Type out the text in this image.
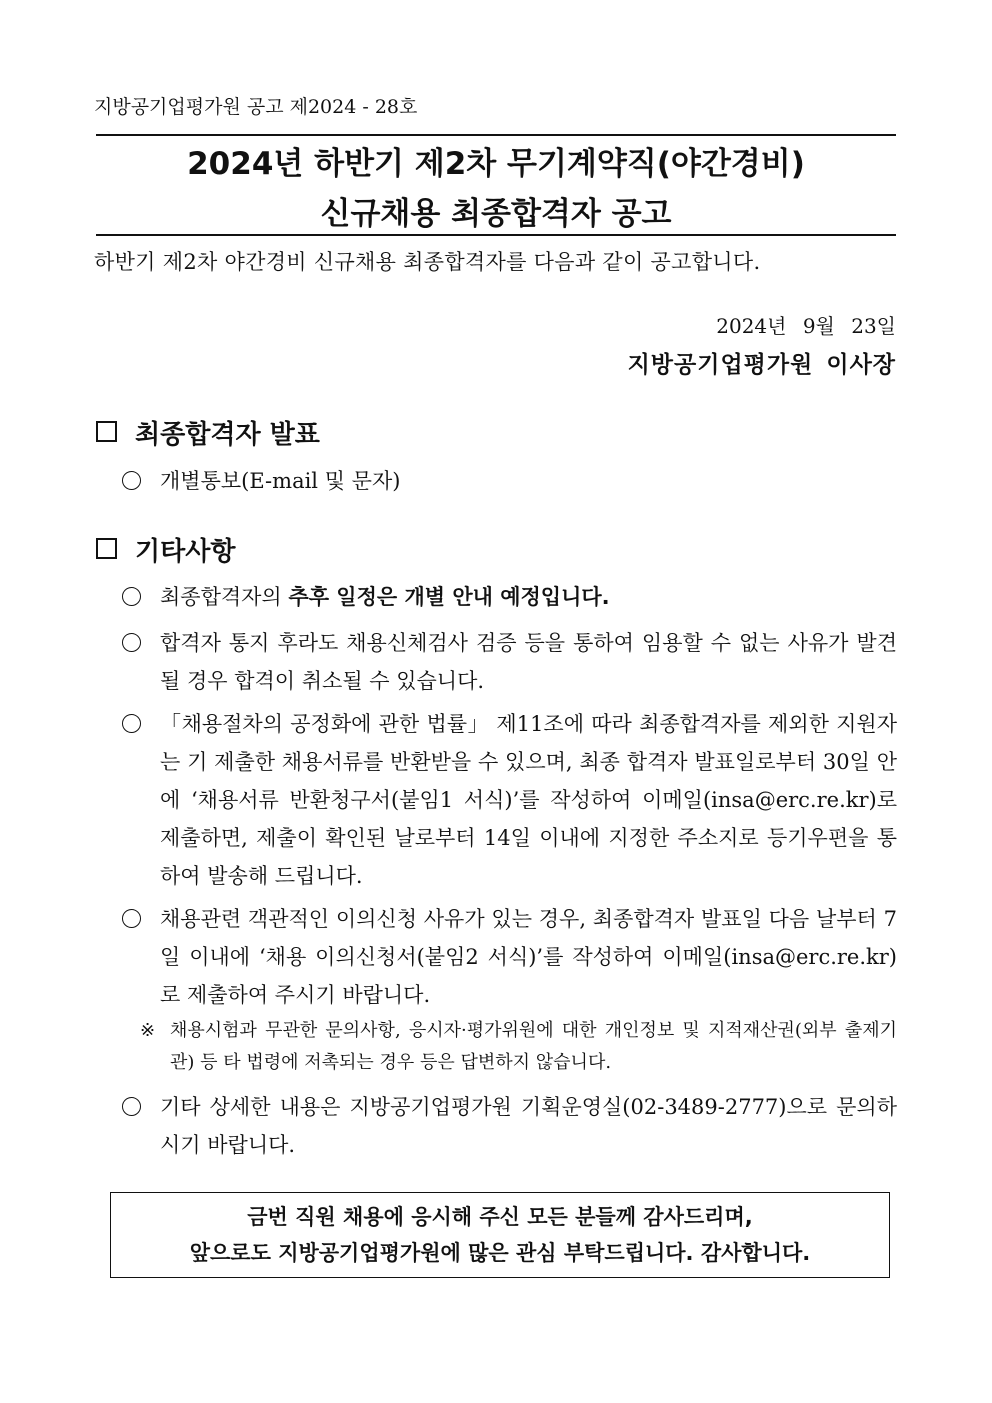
지방공기업평가원 공고 제2024 - 28호
2024년 하반기 제2차 무기계약직(야간경비)
신규채용 최종합격자 공고
하반기 제2차 야간경비 신규채용 최종합격자를 다음과 같이 공고합니다.
2024년 9월 23일
지방공기업평가원 이사장
최종합격자 발표
개별통보(E-mail 및 문자)
기타사항
최종합격자의 추후 일정은 개별 안내 예정입니다.
합격자 통지 후라도 채용신체검사 검증 등을 통하여 임용할 수 없는 사유가 발견될 경우 합격이 취소될 수 있습니다.
「채용절차의 공정화에 관한 법률」 제11조에 따라 최종합격자를 제외한 지원자는 기 제출한 채용서류를 반환받을 수 있으며, 최종 합격자 발표일로부터 30일 안에 ‘채용서류 반환청구서(붙임1 서식)’를 작성하여 이메일(insa@erc.re.kr)로 제출하면, 제출이 확인된 날로부터 14일 이내에 지정한 주소지로 등기우편을 통하여 발송해 드립니다.
채용관련 객관적인 이의신청 사유가 있는 경우, 최종합격자 발표일 다음 날부터 7일 이내에 ‘채용 이의신청서(붙임2 서식)’를 작성하여 이메일(insa@erc.re.kr)로 제출하여 주시기 바랍니다.
※ 채용시험과 무관한 문의사항, 응시자·평가위원에 대한 개인정보 및 지적재산권(외부 출제기관) 등 타 법령에 저촉되는 경우 등은 답변하지 않습니다.
기타 상세한 내용은 지방공기업평가원 기획운영실(02-3489-2777)으로 문의하시기 바랍니다.
금번 직원 채용에 응시해 주신 모든 분들께 감사드리며,
앞으로도 지방공기업평가원에 많은 관심 부탁드립니다. 감사합니다.
